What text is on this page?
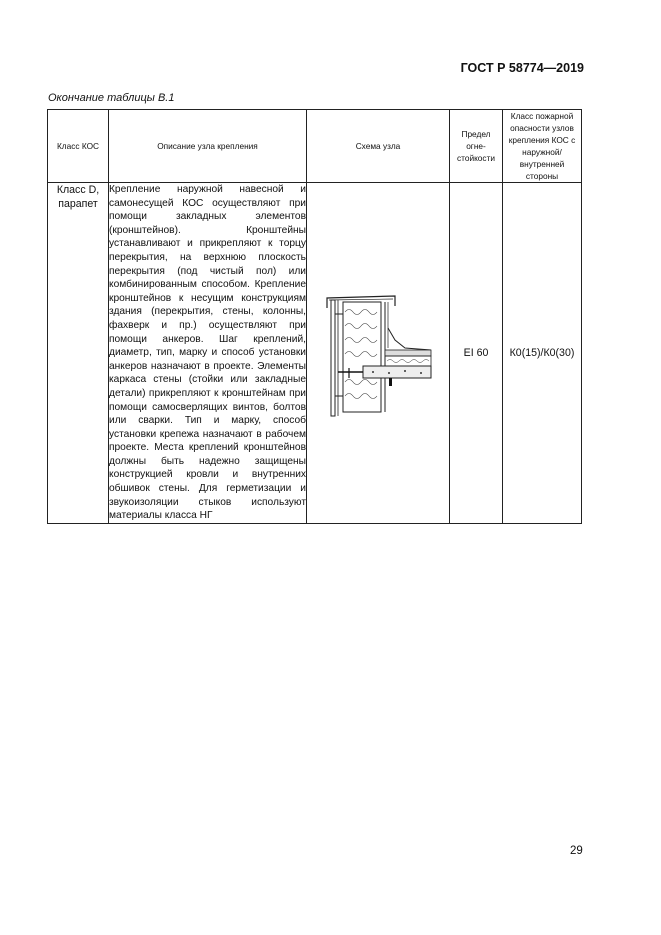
ГОСТ Р 58774—2019
Окончание таблицы В.1
Класс КОС	Описание узла крепления	Схема узла	Предел огне-стойкости	Класс пожарной опасности узлов крепления КОС с наружной/внутренней стороны
Класс D, парапет	Крепление наружной навесной и самонесущей КОС осуществляют при помощи закладных элементов (кронштейнов). Кронштейны устанавливают и прикрепляют к торцу перекрытия, на верхнюю плоскость перекрытия (под чистый пол) или комбинированным способом. Крепление кронштейнов к несущим конструкциям здания (перекрытия, стены, колонны, фахверк и пр.) осуществляют при помощи анкеров. Шаг креплений, диаметр, тип, марку и способ установки анкеров назначают в проекте. Элементы каркаса стены (стойки или закладные детали) прикрепляют к кронштейнам при помощи самосверлящих винтов, болтов или сварки. Тип и марку, способ установки крепежа назначают в рабочем проекте. Места креплений кронштейнов должны быть надежно защищены конструкцией кровли и внутренних обшивок стены. Для герметизации и звукоизоляции стыков используют материалы класса НГ		EI 60	К0(15)/К0(30)
29
